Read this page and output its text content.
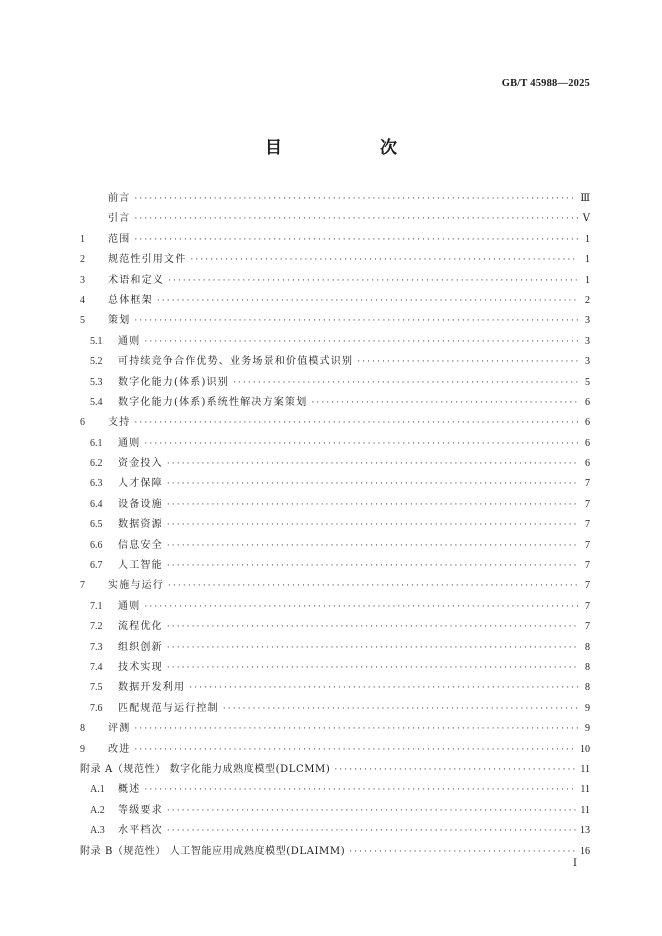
GB/T 45988—2025
目 次
前言 ·····	Ⅲ
引言 ·····	Ⅴ
1	范围 ·····	1
2	规范性引用文件 ·····	1
3	术语和定义 ·····	1
4	总体框架 ·····	2
5	策划 ·····	3
5.1	通则 ·····	3
5.2	可持续竞争合作优势、业务场景和价值模式识别 ·····	3
5.3	数字化能力(体系)识别 ·····	5
5.4	数字化能力(体系)系统性解决方案策划 ·····	6
6	支持 ·····	6
6.1	通则 ·····	6
6.2	资金投入 ·····	6
6.3	人才保障 ·····	7
6.4	设备设施 ·····	7
6.5	数据资源 ·····	7
6.6	信息安全 ·····	7
6.7	人工智能 ·····	7
7	实施与运行 ·····	7
7.1	通则 ·····	7
7.2	流程优化 ·····	7
7.3	组织创新 ·····	8
7.4	技术实现 ·····	8
7.5	数据开发利用 ·····	8
7.6	匹配规范与运行控制 ·····	9
8	评测 ·····	9
9	改进 ·····	10
附录 A（规范性） 数字化能力成熟度模型(DLCMM) ·····	11
A.1	概述 ·····	11
A.2	等级要求 ·····	11
A.3	水平档次 ·····	13
附录 B（规范性） 人工智能应用成熟度模型(DLAIMM) ·····	16
Ⅰ
